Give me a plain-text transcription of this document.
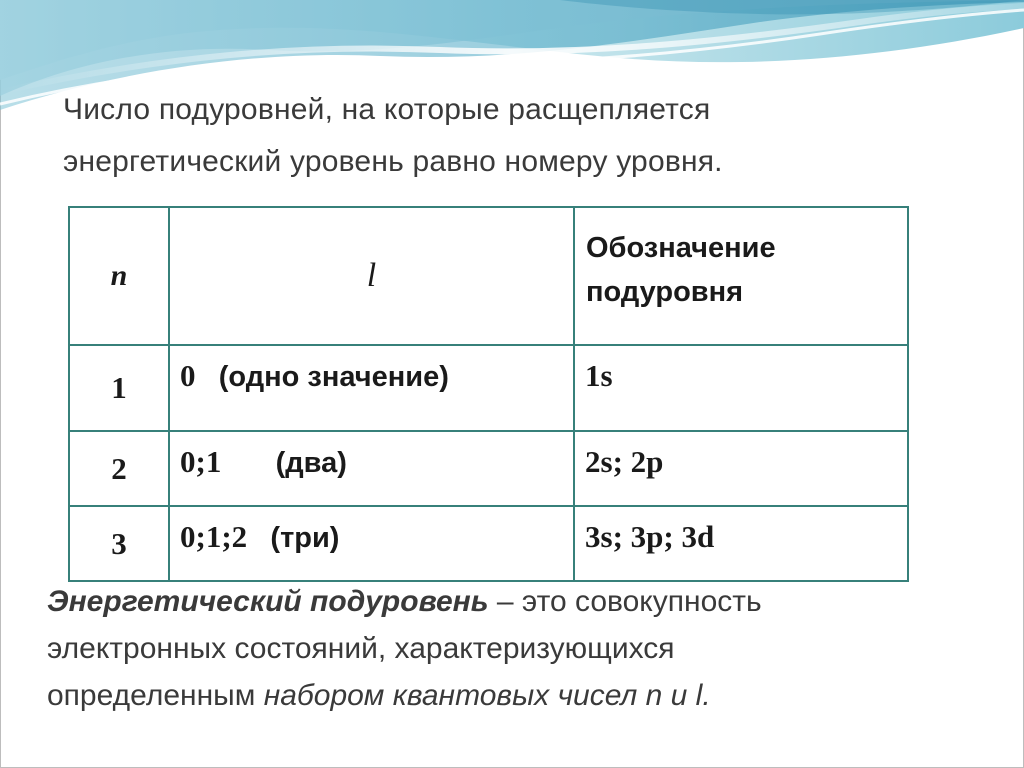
Число подуровней, на которые расщепляется
энергетический уровень равно номеру уровня.

n	l	Обозначение
подуровня
1	0 (одно значение)	1s
2	0;1 (два)	2s; 2p
3	0;1;2 (три)	3s; 3p; 3d

Энергетический подуровень – это совокупность
электронных состояний, характеризующихся
определенным набором квантовых чисел n и l.
